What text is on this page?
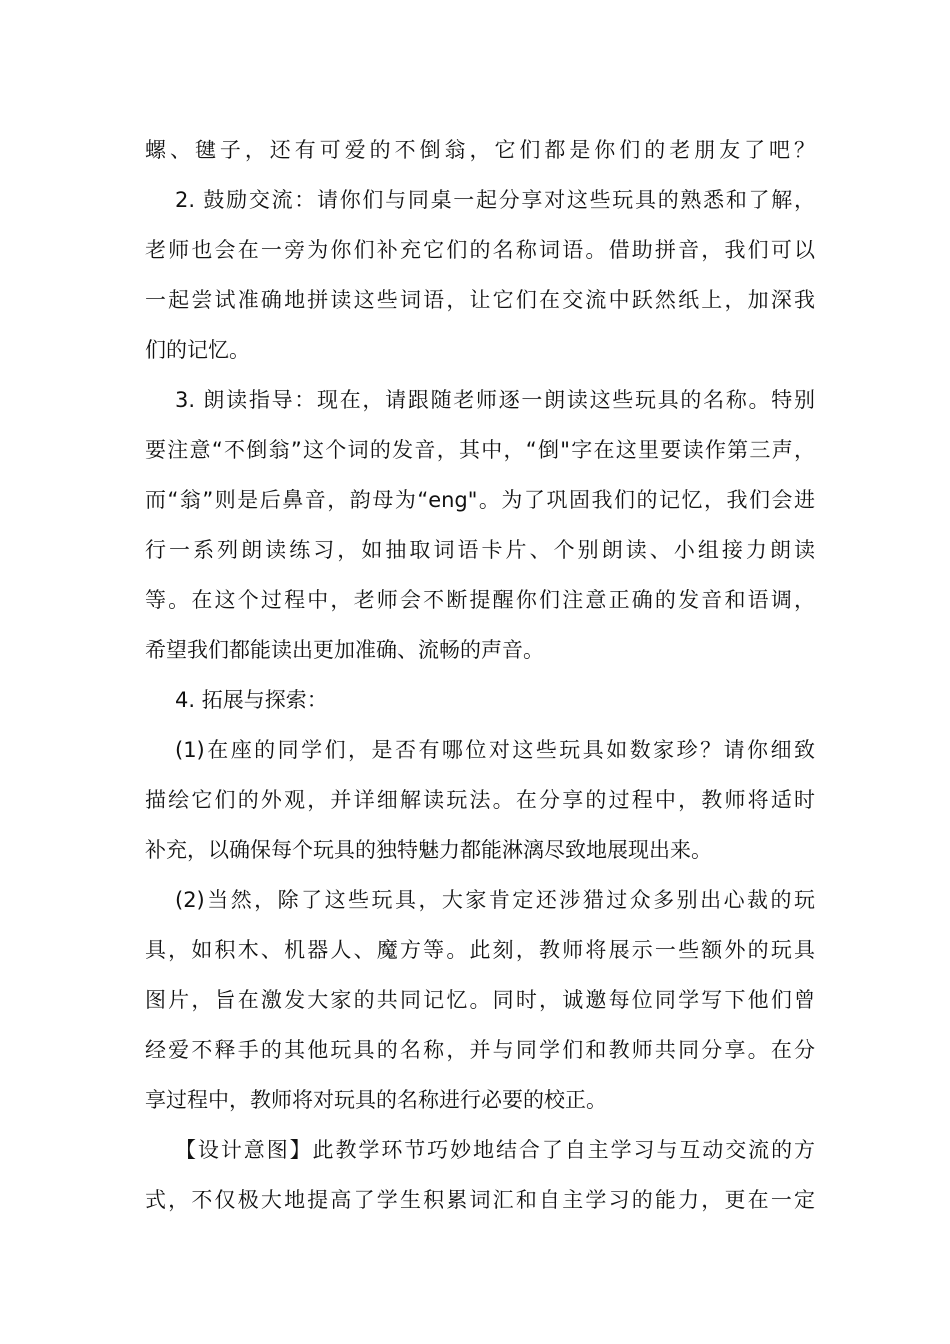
螺、毽子，还有可爱的不倒翁，它们都是你们的老朋友了吧？
2. 鼓励交流：请你们与同桌一起分享对这些玩具的熟悉和了解，
老师也会在一旁为你们补充它们的名称词语。借助拼音，我们可以
一起尝试准确地拼读这些词语，让它们在交流中跃然纸上，加深我
们的记忆。
3. 朗读指导：现在，请跟随老师逐一朗读这些玩具的名称。特别
要注意“不倒翁”这个词的发音，其中，“倒"字在这里要读作第三声，
而“翁”则是后鼻音，韵母为“eng"。为了巩固我们的记忆，我们会进
行一系列朗读练习，如抽取词语卡片、个别朗读、小组接力朗读
等。在这个过程中，老师会不断提醒你们注意正确的发音和语调，
希望我们都能读出更加准确、流畅的声音。
4. 拓展与探索：
(1)在座的同学们，是否有哪位对这些玩具如数家珍？请你细致
描绘它们的外观，并详细解读玩法。在分享的过程中，教师将适时
补充，以确保每个玩具的独特魅力都能淋漓尽致地展现出来。
(2)当然，除了这些玩具，大家肯定还涉猎过众多别出心裁的玩
具，如积木、机器人、魔方等。此刻，教师将展示一些额外的玩具
图片，旨在激发大家的共同记忆。同时，诚邀每位同学写下他们曾
经爱不释手的其他玩具的名称，并与同学们和教师共同分享。在分
享过程中，教师将对玩具的名称进行必要的校正。
【设计意图】此教学环节巧妙地结合了自主学习与互动交流的方
式，不仅极大地提高了学生积累词汇和自主学习的能力，更在一定
